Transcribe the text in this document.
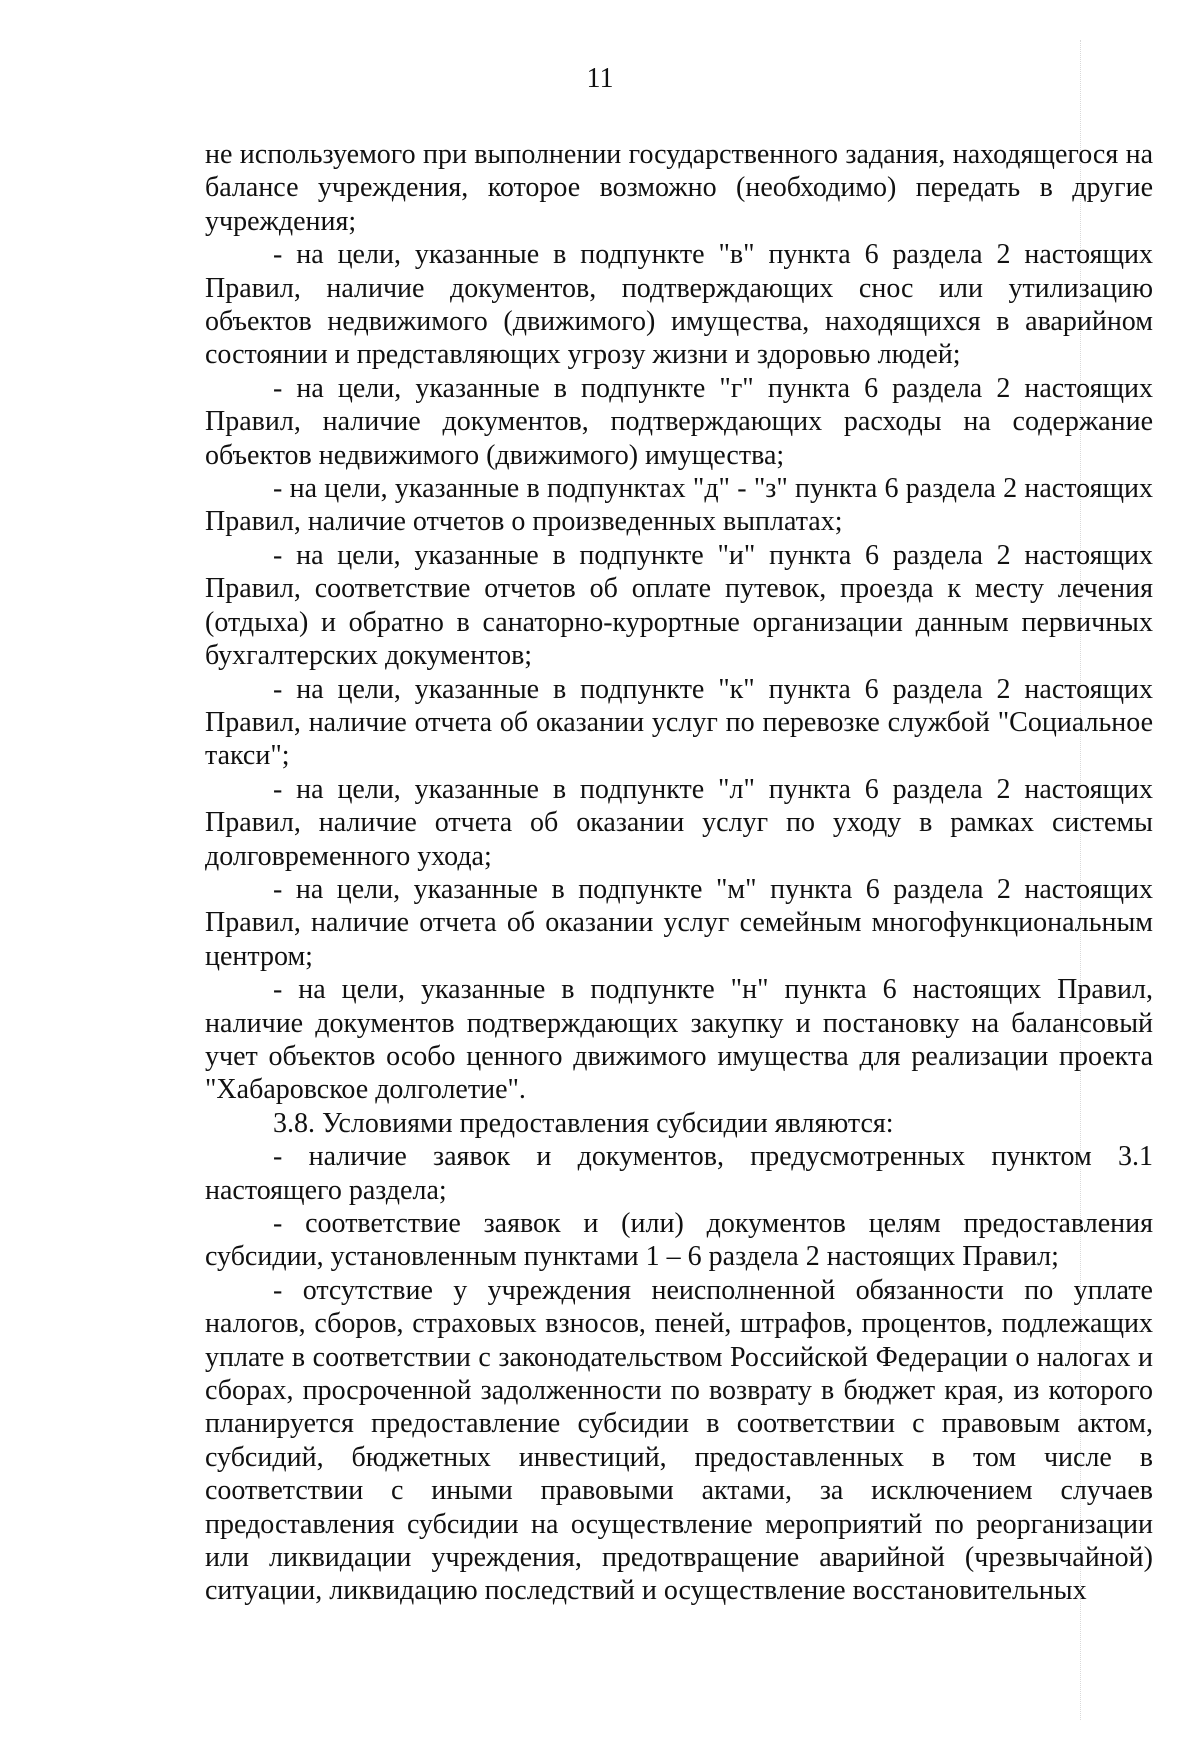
11

не используемого при выполнении государственного задания, находящегося на балансе учреждения, которое возможно (необходимо) передать в другие учреждения;

- на цели, указанные в подпункте "в" пункта 6 раздела 2 настоящих Правил, наличие документов, подтверждающих снос или утилизацию объектов недвижимого (движимого) имущества, находящихся в аварийном состоянии и представляющих угрозу жизни и здоровью людей;

- на цели, указанные в подпункте "г" пункта 6 раздела 2 настоящих Правил, наличие документов, подтверждающих расходы на содержание объектов недвижимого (движимого) имущества;

- на цели, указанные в подпунктах "д" - "з" пункта 6 раздела 2 настоящих Правил, наличие отчетов о произведенных выплатах;

- на цели, указанные в подпункте "и" пункта 6 раздела 2 настоящих Правил, соответствие отчетов об оплате путевок, проезда к месту лечения (отдыха) и обратно в санаторно-курортные организации данным первичных бухгалтерских документов;

- на цели, указанные в подпункте "к" пункта 6 раздела 2 настоящих Правил, наличие отчета об оказании услуг по перевозке службой "Социальное такси";

- на цели, указанные в подпункте "л" пункта 6 раздела 2 настоящих Правил, наличие отчета об оказании услуг по уходу в рамках системы долговременного ухода;

- на цели, указанные в подпункте "м" пункта 6 раздела 2 настоящих Правил, наличие отчета об оказании услуг семейным многофункциональным центром;

- на цели, указанные в подпункте "н" пункта 6 настоящих Правил, наличие документов подтверждающих закупку и постановку на балансовый учет объектов особо ценного движимого имущества для реализации проекта "Хабаровское долголетие".

3.8. Условиями предоставления субсидии являются:

- наличие заявок и документов, предусмотренных пунктом 3.1 настоящего раздела;

- соответствие заявок и (или) документов целям предоставления субсидии, установленным пунктами 1 – 6 раздела 2 настоящих Правил;

- отсутствие у учреждения неисполненной обязанности по уплате налогов, сборов, страховых взносов, пеней, штрафов, процентов, подлежащих уплате в соответствии с законодательством Российской Федерации о налогах и сборах, просроченной задолженности по возврату в бюджет края, из которого планируется предоставление субсидии в соответствии с правовым актом, субсидий, бюджетных инвестиций, предоставленных в том числе в соответствии с иными правовыми актами, за исключением случаев предоставления субсидии на осуществление мероприятий по реорганизации или ликвидации учреждения, предотвращение аварийной (чрезвычайной) ситуации, ликвидацию последствий и осуществление восстановительных
